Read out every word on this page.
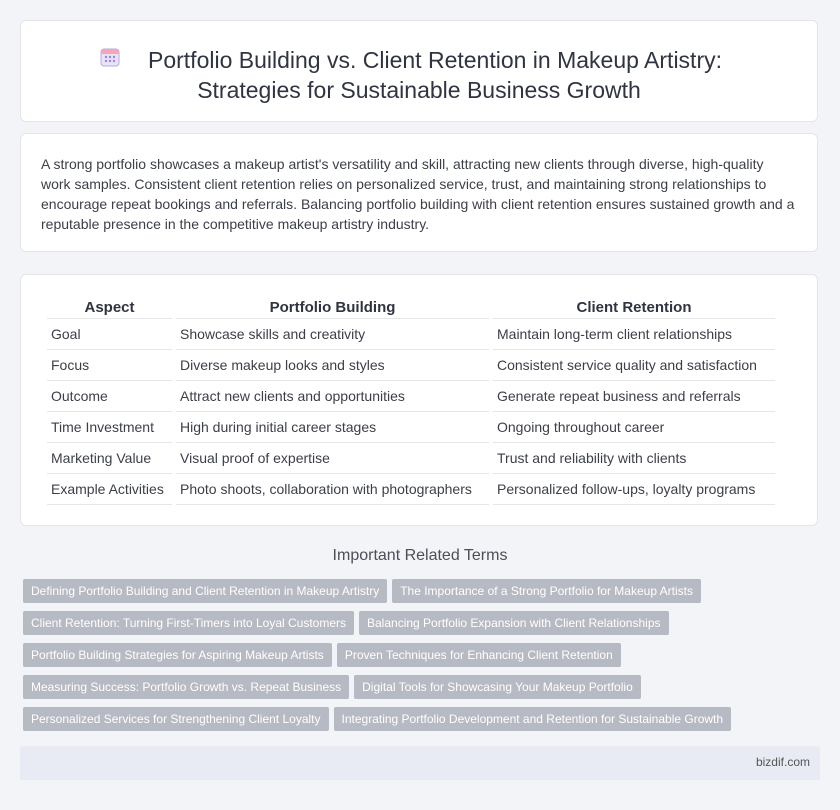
Portfolio Building vs. Client Retention in Makeup Artistry:
Strategies for Sustainable Business Growth
A strong portfolio showcases a makeup artist's versatility and skill, attracting new clients through diverse, high-quality work samples. Consistent client retention relies on personalized service, trust, and maintaining strong relationships to encourage repeat bookings and referrals. Balancing portfolio building with client retention ensures sustained growth and a reputable presence in the competitive makeup artistry industry.
Aspect	Portfolio Building	Client Retention
Goal	Showcase skills and creativity	Maintain long-term client relationships
Focus	Diverse makeup looks and styles	Consistent service quality and satisfaction
Outcome	Attract new clients and opportunities	Generate repeat business and referrals
Time Investment	High during initial career stages	Ongoing throughout career
Marketing Value	Visual proof of expertise	Trust and reliability with clients
Example Activities	Photo shoots, collaboration with photographers	Personalized follow-ups, loyalty programs
Important Related Terms
Defining Portfolio Building and Client Retention in Makeup Artistry The Importance of a Strong Portfolio for Makeup Artists
Client Retention: Turning First-Timers into Loyal Customers Balancing Portfolio Expansion with Client Relationships
Portfolio Building Strategies for Aspiring Makeup Artists Proven Techniques for Enhancing Client Retention
Measuring Success: Portfolio Growth vs. Repeat Business Digital Tools for Showcasing Your Makeup Portfolio
Personalized Services for Strengthening Client Loyalty Integrating Portfolio Development and Retention for Sustainable Growth
bizdif.com
